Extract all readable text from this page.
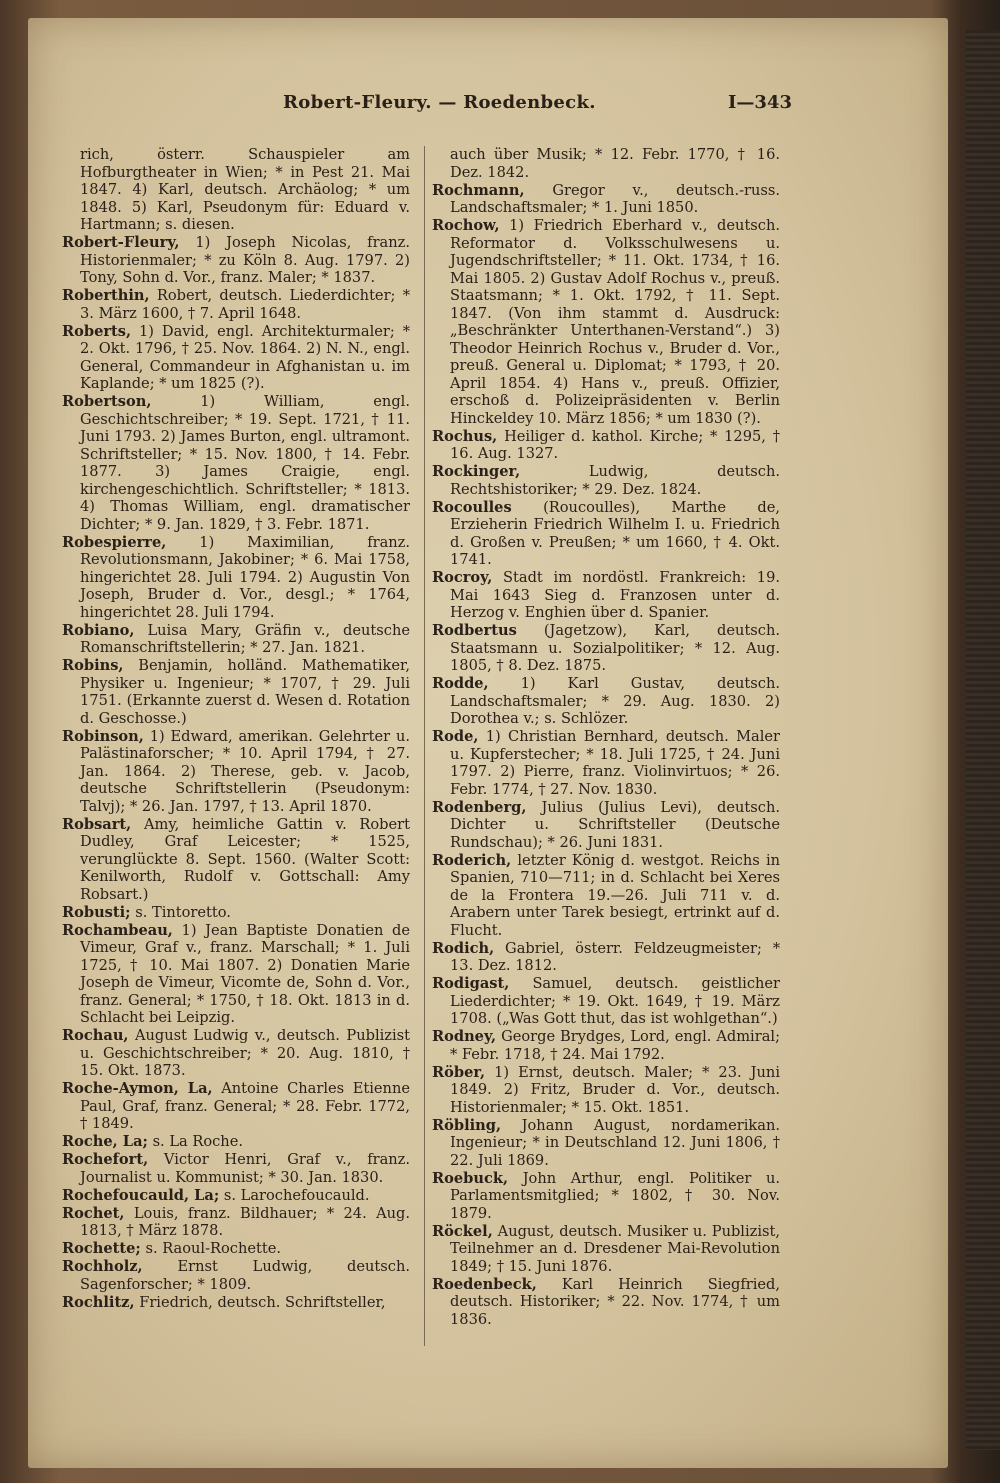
Robert-Fleury. — Roedenbeck.	I—343

rich, österr. Schauspieler am Hofburgtheater in Wien; * in Pest 21. Mai 1847. 4) Karl, deutsch. Archäolog; * um 1848. 5) Karl, Pseudonym für: Eduard v. Hartmann; s. diesen.

Robert-Fleury, 1) Joseph Nicolas, franz. Historienmaler; * zu Köln 8. Aug. 1797. 2) Tony, Sohn d. Vor., franz. Maler; * 1837.

Roberthin, Robert, deutsch. Liederdichter; * 3. März 1600, † 7. April 1648.

Roberts, 1) David, engl. Architekturmaler; * 2. Okt. 1796, † 25. Nov. 1864. 2) N. N., engl. General, Commandeur in Afghanistan u. im Kaplande; * um 1825 (?).

Robertson,	1) William, engl. Geschichtschreiber; * 19. Sept. 1721, † 11. Juni 1793. 2) James Burton, engl. ultramont. Schriftsteller; * 15. Nov. 1800, † 14. Febr. 1877. 3) James Craigie, engl. kirchengeschichtlich. Schriftsteller; * 1813. 4) Thomas William, engl. dramatischer Dichter; * 9. Jan. 1829, † 3. Febr. 1871.

Robespierre, 1) Maximilian, franz. Revolutionsmann, Jakobiner; * 6. Mai 1758, hingerichtet 28. Juli 1794. 2) Augustin Von Joseph, Bruder d. Vor., desgl.; * 1764, hingerichtet 28. Juli 1794.

Robiano, Luisa Mary, Gräfin v., deutsche Romanschriftstellerin; * 27. Jan. 1821.

Robins, Benjamin, holländ. Mathematiker, Physiker u. Ingenieur; * 1707, † 29. Juli 1751. (Erkannte zuerst d. Wesen d. Rotation d. Geschosse.)

Robinson, 1) Edward, amerikan. Gelehrter u. Palästinaforscher; * 10. April 1794, † 27. Jan. 1864. 2) Therese, geb. v. Jacob, deutsche Schriftstellerin (Pseudonym: Talvj); * 26. Jan. 1797, † 13. April 1870.

Robsart, Amy, heimliche Gattin v. Robert Dudley, Graf Leicester; * 1525, verunglückte 8. Sept. 1560. (Walter Scott: Kenilworth, Rudolf v. Gottschall: Amy Robsart.)

Robusti; s. Tintoretto.

Rochambeau, 1) Jean Baptiste Donatien de Vimeur, Graf v., franz. Marschall; * 1. Juli 1725, † 10. Mai 1807. 2) Donatien Marie Joseph de Vimeur, Vicomte de, Sohn d. Vor., franz. General; * 1750, † 18. Okt. 1813 in d. Schlacht bei Leipzig.

Rochau, August Ludwig v., deutsch. Publizist u. Geschichtschreiber; * 20. Aug. 1810, † 15. Okt. 1873.

Roche-Aymon, La, Antoine Charles Etienne Paul, Graf, franz. General; * 28. Febr. 1772, † 1849.

Roche, La; s. La Roche.

Rochefort, Victor Henri, Graf v., franz. Journalist u. Kommunist; * 30. Jan. 1830.

Rochefoucauld, La; s. Larochefoucauld.

Rochet, Louis, franz. Bildhauer; * 24. Aug. 1813, † März 1878.

Rochette; s. Raoul-Rochette.

Rochholz, Ernst Ludwig, deutsch. Sagenforscher; * 1809.

Rochlitz, Friedrich, deutsch. Schriftsteller,

auch über Musik; * 12. Febr. 1770, † 16. Dez. 1842.

Rochmann, Gregor v., deutsch.-russ. Landschaftsmaler; * 1. Juni 1850.

Rochow, 1) Friedrich Eberhard v., deutsch. Reformator d. Volksschulwesens u. Jugendschriftsteller; * 11. Okt. 1734, † 16. Mai 1805. 2) Gustav Adolf Rochus v., preuß. Staatsmann; * 1. Okt. 1792, † 11. Sept. 1847. (Von ihm stammt d. Ausdruck: „Beschränkter Unterthanen-Verstand“.) 3) Theodor Heinrich Rochus v., Bruder d. Vor., preuß. General u. Diplomat; * 1793, † 20. April 1854. 4) Hans v., preuß. Offizier, erschoß d. Polizeipräsidenten v. Berlin Hinckeldey 10. März 1856; * um 1830 (?).

Rochus, Heiliger d. kathol. Kirche; * 1295, † 16. Aug. 1327.

Rockinger,	Ludwig, deutsch. Rechtshistoriker; * 29. Dez. 1824.

Rocoulles (Roucoulles), Marthe de, Erzieherin Friedrich Wilhelm I. u. Friedrich d. Großen v. Preußen; * um 1660, † 4. Okt. 1741.

Rocroy, Stadt im nordöstl. Frankreich: 19. Mai 1643 Sieg d. Franzosen unter d. Herzog v. Enghien über d. Spanier.

Rodbertus (Jagetzow), Karl, deutsch. Staatsmann u. Sozialpolitiker; * 12. Aug. 1805, † 8. Dez. 1875.

Rodde, 1) Karl Gustav, deutsch. Landschaftsmaler; * 29. Aug. 1830. 2) Dorothea v.; s. Schlözer.

Rode, 1) Christian Bernhard, deutsch. Maler u. Kupferstecher; * 18. Juli 1725, † 24. Juni 1797. 2) Pierre, franz. Violinvirtuos; * 26. Febr. 1774, † 27. Nov. 1830.

Rodenberg, Julius (Julius Levi), deutsch. Dichter u. Schriftsteller (Deutsche Rundschau); * 26. Juni 1831.

Roderich, letzter König d. westgot. Reichs in Spanien, 710—711; in d. Schlacht bei Xeres de la Frontera 19.—26. Juli 711 v. d. Arabern unter Tarek besiegt, ertrinkt auf d. Flucht.

Rodich, Gabriel, österr. Feldzeugmeister; * 13. Dez. 1812.

Rodigast, Samuel, deutsch. geistlicher Liederdichter; * 19. Okt. 1649, † 19. März 1708. („Was Gott thut, das ist wohlgethan“.)

Rodney, George Brydges, Lord, engl. Admiral; * Febr. 1718, † 24. Mai 1792.

Röber, 1) Ernst, deutsch. Maler; * 23. Juni 1849. 2) Fritz, Bruder d. Vor., deutsch. Historienmaler; * 15. Okt. 1851.

Röbling, Johann August, nordamerikan. Ingenieur; * in Deutschland 12. Juni 1806, † 22. Juli 1869.

Roebuck, John Arthur, engl. Politiker u. Parlamentsmitglied; * 1802, † 30. Nov. 1879.

Röckel, August, deutsch. Musiker u. Publizist, Teilnehmer an d. Dresdener Mai-Revolution 1849; † 15. Juni 1876.

Roedenbeck, Karl Heinrich Siegfried, deutsch. Historiker; * 22. Nov. 1774, † um 1836.
